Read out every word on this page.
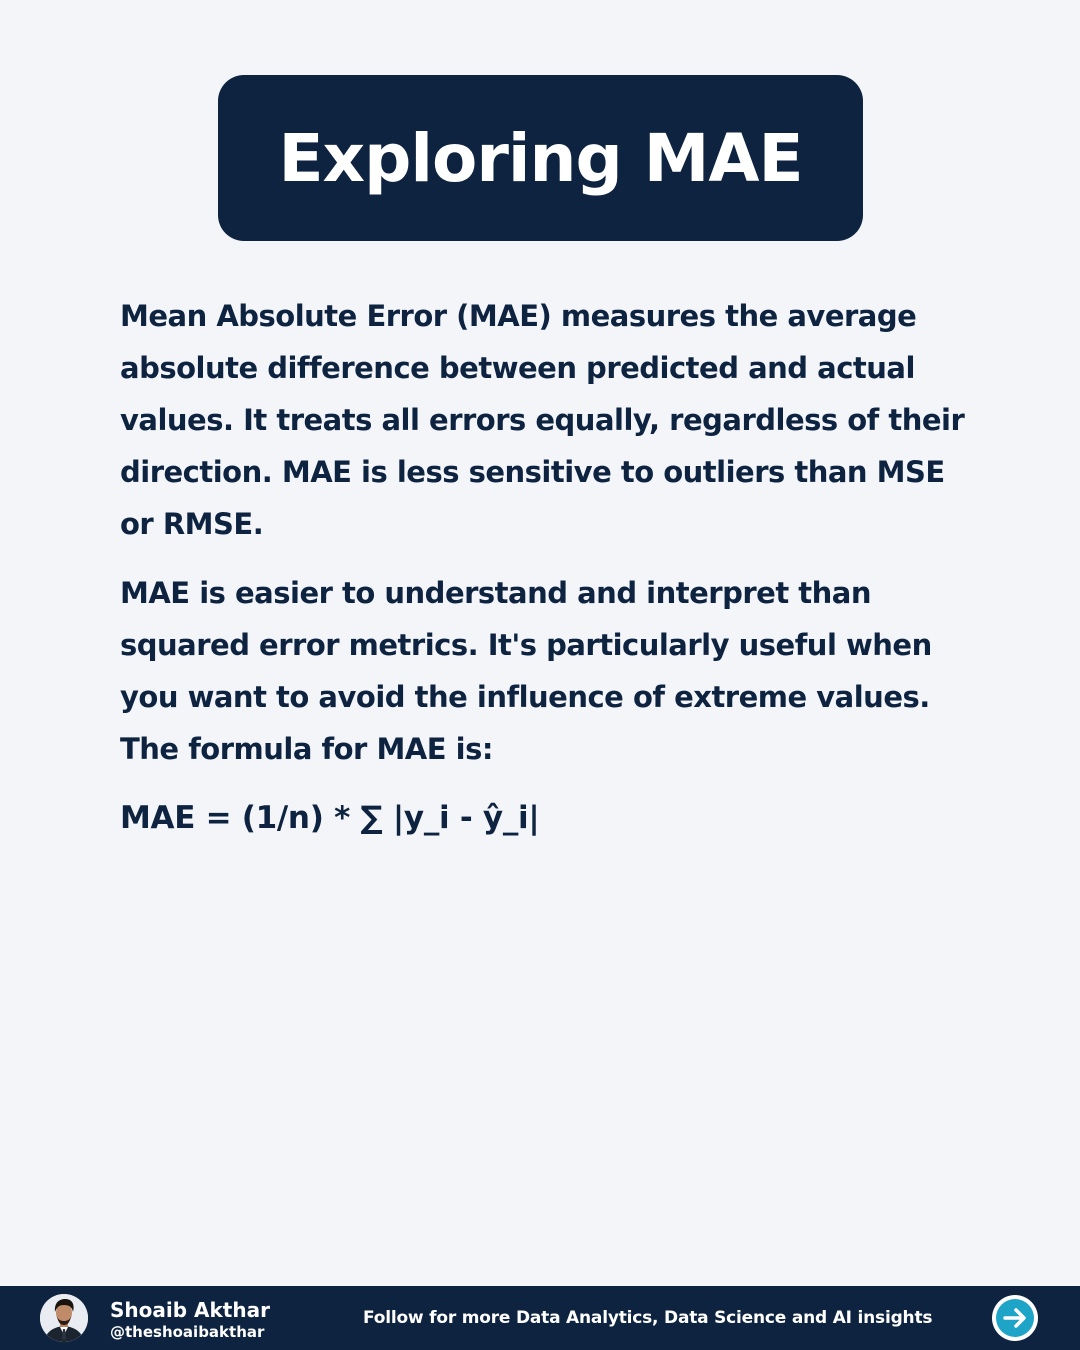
Exploring MAE

Mean Absolute Error (MAE) measures the average absolute difference between predicted and actual values. It treats all errors equally, regardless of their direction. MAE is less sensitive to outliers than MSE or RMSE.

MAE is easier to understand and interpret than squared error metrics. It's particularly useful when you want to avoid the influence of extreme values. The formula for MAE is:

MAE = (1/n) * ∑ |y_i - ŷ_i|
Shoaib Akthar
@theshoaibakthar
Follow for more Data Analytics, Data Science and AI insights
